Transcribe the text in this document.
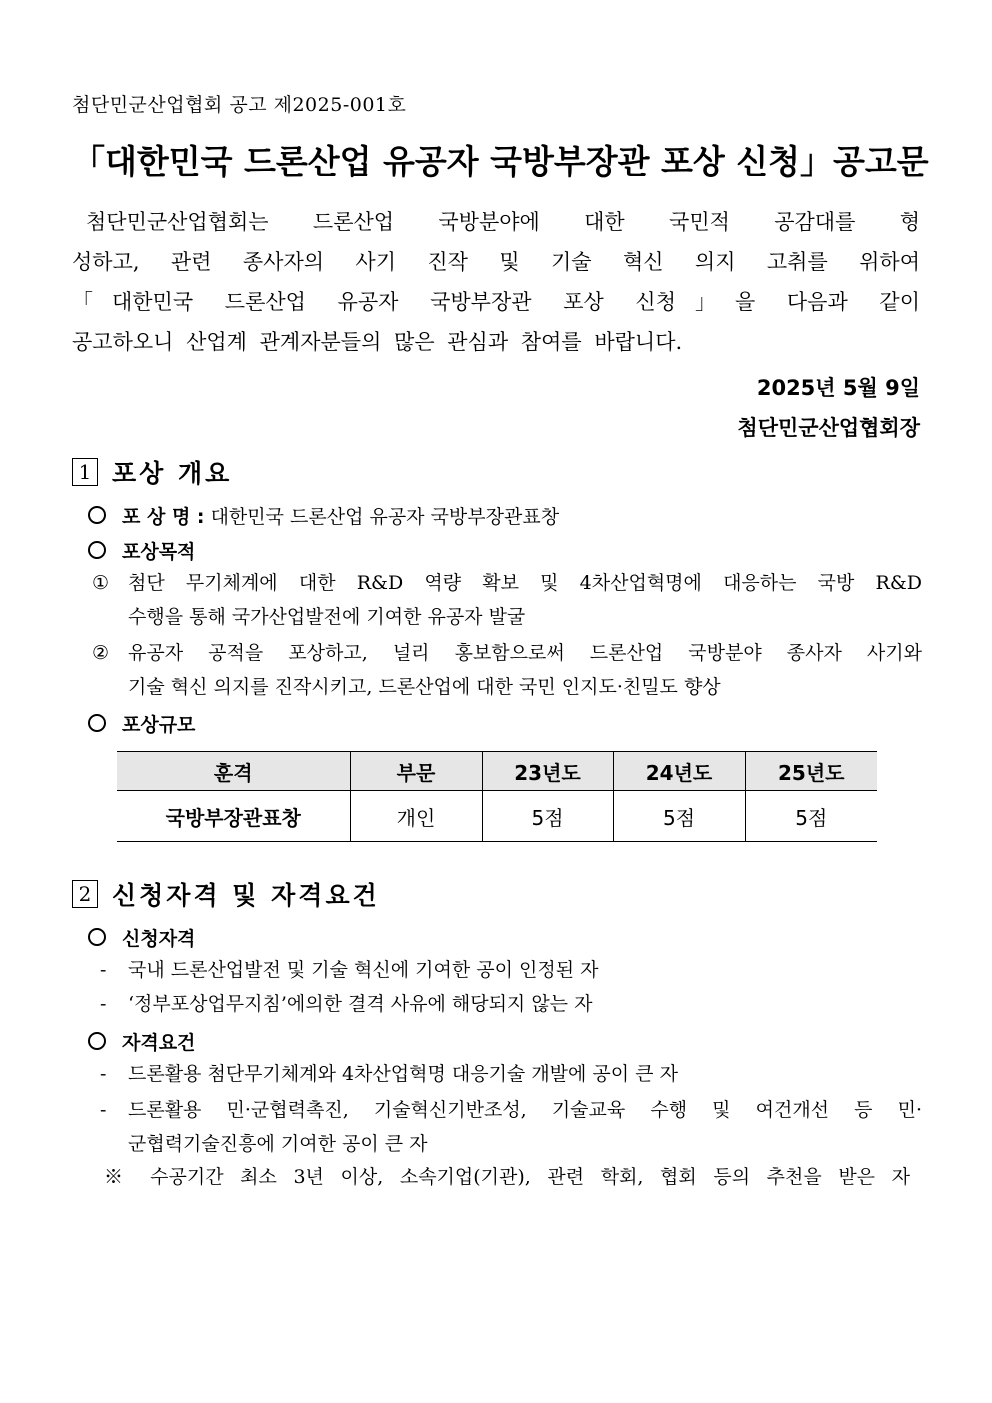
첨단민군산업협회 공고 제2025-001호
「대한민국 드론산업 유공자 국방부장관 포상 신청」공고문
첨단민군산업협회는 드론산업 국방분야에 대한 국민적 공감대를 형
성하고, 관련 종사자의 사기 진작 및 기술 혁신 의지 고취를 위하여
「대한민국 드론산업 유공자 국방부장관 포상 신청」을 다음과 같이
공고하오니 산업계 관계자분들의 많은 관심과 참여를 바랍니다.
2025년 5월 9일
첨단민군산업협회장
1 포상 개요
포 상 명 : 대한민국 드론산업 유공자 국방부장관표창
포상목적
① 첨단 무기체계에 대한 R&D 역량 확보 및 4차산업혁명에 대응하는 국방 R&D
수행을 통해 국가산업발전에 기여한 유공자 발굴
② 유공자 공적을 포상하고, 널리 홍보함으로써 드론산업 국방분야 종사자 사기와
기술 혁신 의지를 진작시키고, 드론산업에 대한 국민 인지도·친밀도 향상
포상규모
훈격	부문	23년도	24년도	25년도
국방부장관표창	개인	5점	5점	5점
2 신청자격 및 자격요건
신청자격
- 국내 드론산업발전 및 기술 혁신에 기여한 공이 인정된 자
- ‘정부포상업무지침’에의한 결격 사유에 해당되지 않는 자
자격요건
- 드론활용 첨단무기체계와 4차산업혁명 대응기술 개발에 공이 큰 자
- 드론활용 민·군협력촉진, 기술혁신기반조성, 기술교육 수행 및 여건개선 등 민·
군협력기술진흥에 기여한 공이 큰 자
※ 수공기간 최소 3년 이상, 소속기업(기관), 관련 학회, 협회 등의 추천을 받은 자
